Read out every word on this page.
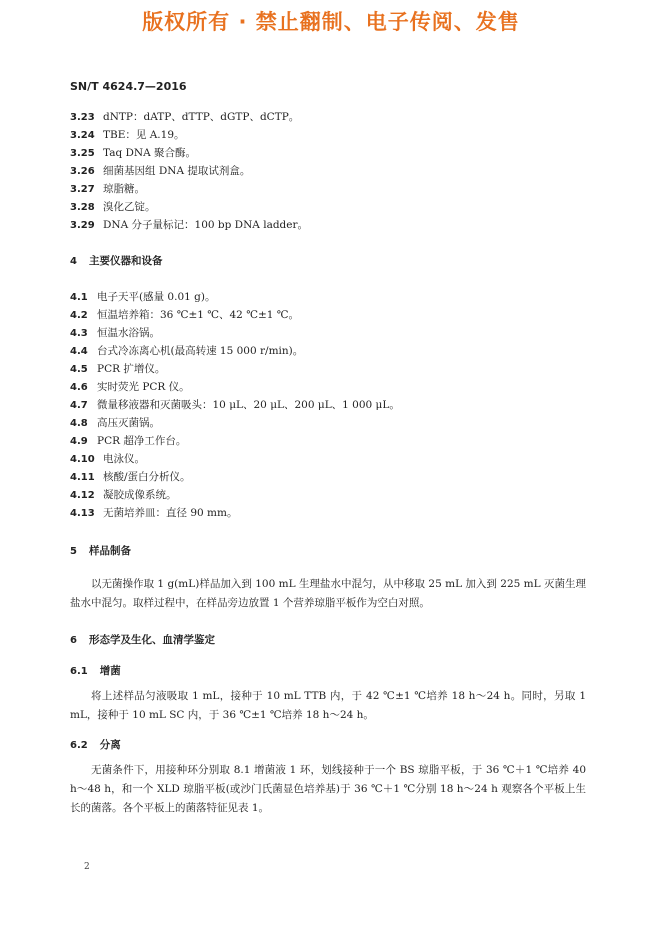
版权所有 · 禁止翻制、电子传阅、发售
SN/T 4624.7—2016
3.23 dNTP：dATP、dTTP、dGTP、dCTP。
3.24 TBE：见 A.19。
3.25 Taq DNA 聚合酶。
3.26 细菌基因组 DNA 提取试剂盒。
3.27 琼脂糖。
3.28 溴化乙锭。
3.29 DNA 分子量标记：100 bp DNA ladder。
4 主要仪器和设备
4.1 电子天平(感量 0.01 g)。
4.2 恒温培养箱：36 ℃±1 ℃、42 ℃±1 ℃。
4.3 恒温水浴锅。
4.4 台式冷冻离心机(最高转速 15 000 r/min)。
4.5 PCR 扩增仪。
4.6 实时荧光 PCR 仪。
4.7 微量移液器和灭菌吸头：10 μL、20 μL、200 μL、1 000 μL。
4.8 高压灭菌锅。
4.9 PCR 超净工作台。
4.10 电泳仪。
4.11 核酸/蛋白分析仪。
4.12 凝胶成像系统。
4.13 无菌培养皿：直径 90 mm。
5 样品制备
以无菌操作取 1 g(mL)样品加入到 100 mL 生理盐水中混匀，从中移取 25 mL 加入到 225 mL 灭菌生理盐水中混匀。取样过程中，在样品旁边放置 1 个营养琼脂平板作为空白对照。
6 形态学及生化、血清学鉴定
6.1 增菌
将上述样品匀液吸取 1 mL，接种于 10 mL TTB 内，于 42 ℃±1 ℃培养 18 h～24 h。同时，另取 1 mL，接种于 10 mL SC 内，于 36 ℃±1 ℃培养 18 h～24 h。
6.2 分离
无菌条件下，用接种环分别取 8.1 增菌液 1 环，划线接种于一个 BS 琼脂平板，于 36 ℃＋1 ℃培养 40 h～48 h，和一个 XLD 琼脂平板(或沙门氏菌显色培养基)于 36 ℃＋1 ℃分别 18 h～24 h 观察各个平板上生长的菌落。各个平板上的菌落特征见表 1。
2
